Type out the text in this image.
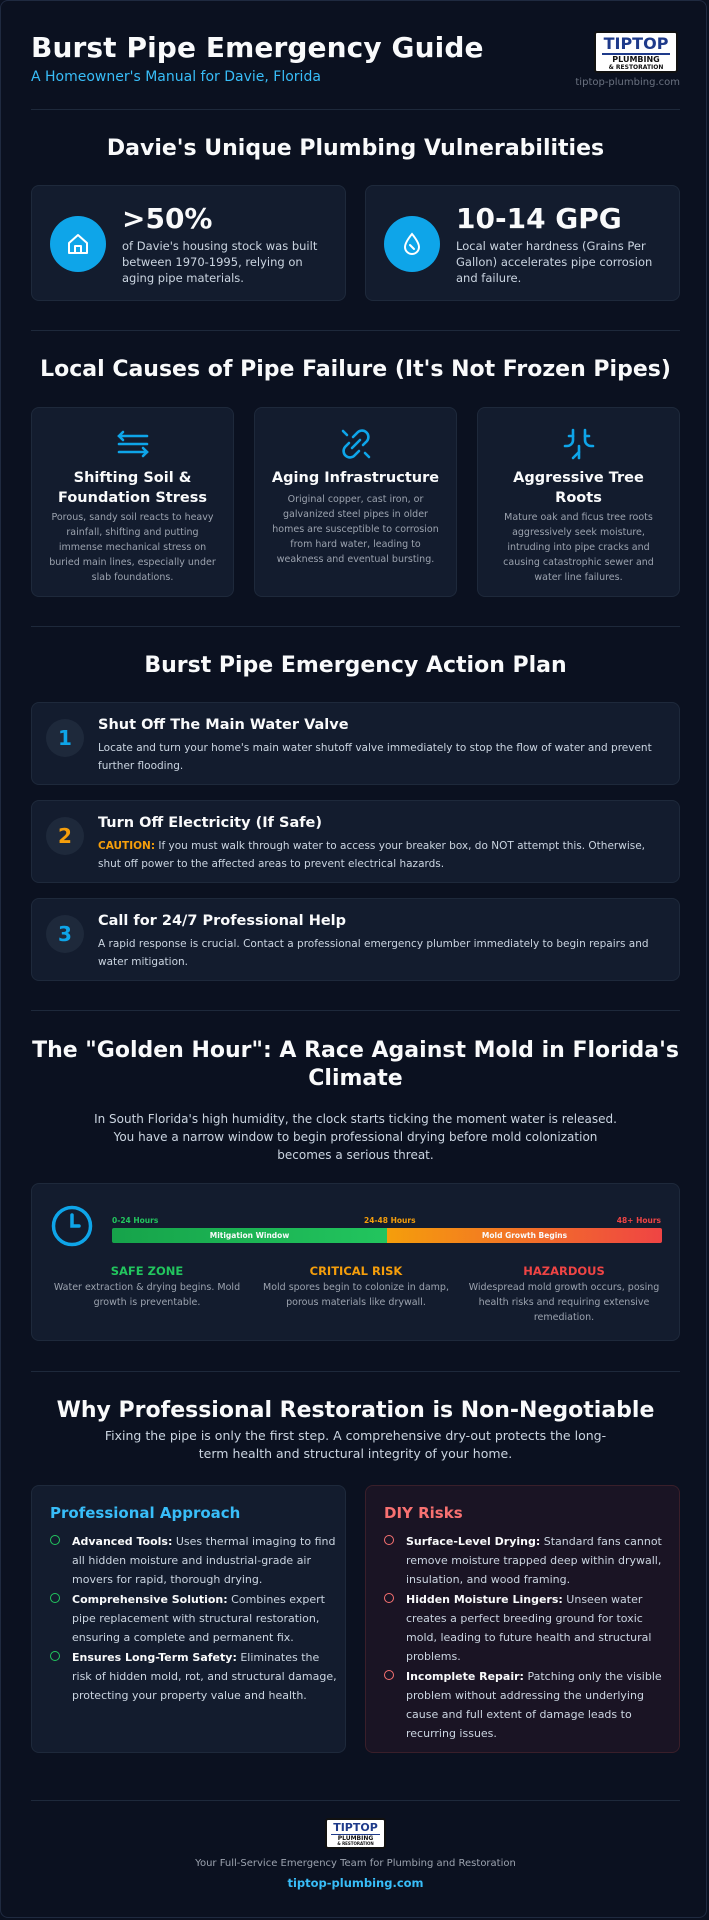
Burst Pipe Emergency Guide
A Homeowner's Manual for Davie, Florida
TIPTOP
PLUMBING
& RESTORATION
tiptop-plumbing.com
Davie's Unique Plumbing Vulnerabilities
>50%
of Davie's housing stock was built between 1970-1995, relying on aging pipe materials.
10-14 GPG
Local water hardness (Grains Per Gallon) accelerates pipe corrosion and failure.
Local Causes of Pipe Failure (It's Not Frozen Pipes)
Shifting Soil & Foundation Stress
Porous, sandy soil reacts to heavy rainfall, shifting and putting immense mechanical stress on buried main lines, especially under slab foundations.
Aging Infrastructure
Original copper, cast iron, or galvanized steel pipes in older homes are susceptible to corrosion from hard water, leading to weakness and eventual bursting.
Aggressive Tree Roots
Mature oak and ficus tree roots aggressively seek moisture, intruding into pipe cracks and causing catastrophic sewer and water line failures.
Burst Pipe Emergency Action Plan
1
Shut Off The Main Water Valve
Locate and turn your home's main water shutoff valve immediately to stop the flow of water and prevent further flooding.
2
Turn Off Electricity (If Safe)
CAUTION: If you must walk through water to access your breaker box, do NOT attempt this. Otherwise, shut off power to the affected areas to prevent electrical hazards.
3
Call for 24/7 Professional Help
A rapid response is crucial. Contact a professional emergency plumber immediately to begin repairs and water mitigation.
The "Golden Hour": A Race Against Mold in Florida's
Climate
In South Florida's high humidity, the clock starts ticking the moment water is released. You have a narrow window to begin professional drying before mold colonization becomes a serious threat.
0-24 Hours	24-48 Hours	48+ Hours
Mitigation Window	Mold Growth Begins
SAFE ZONE
Water extraction & drying begins. Mold growth is preventable.
CRITICAL RISK
Mold spores begin to colonize in damp, porous materials like drywall.
HAZARDOUS
Widespread mold growth occurs, posing health risks and requiring extensive remediation.
Why Professional Restoration is Non-Negotiable
Fixing the pipe is only the first step. A comprehensive dry-out protects the long-term health and structural integrity of your home.
Professional Approach
Advanced Tools: Uses thermal imaging to find all hidden moisture and industrial-grade air movers for rapid, thorough drying.
Comprehensive Solution: Combines expert pipe replacement with structural restoration, ensuring a complete and permanent fix.
Ensures Long-Term Safety: Eliminates the risk of hidden mold, rot, and structural damage, protecting your property value and health.
DIY Risks
Surface-Level Drying: Standard fans cannot remove moisture trapped deep within drywall, insulation, and wood framing.
Hidden Moisture Lingers: Unseen water creates a perfect breeding ground for toxic mold, leading to future health and structural problems.
Incomplete Repair: Patching only the visible problem without addressing the underlying cause and full extent of damage leads to recurring issues.
TIPTOP
PLUMBING
& RESTORATION
Your Full-Service Emergency Team for Plumbing and Restoration
tiptop-plumbing.com
